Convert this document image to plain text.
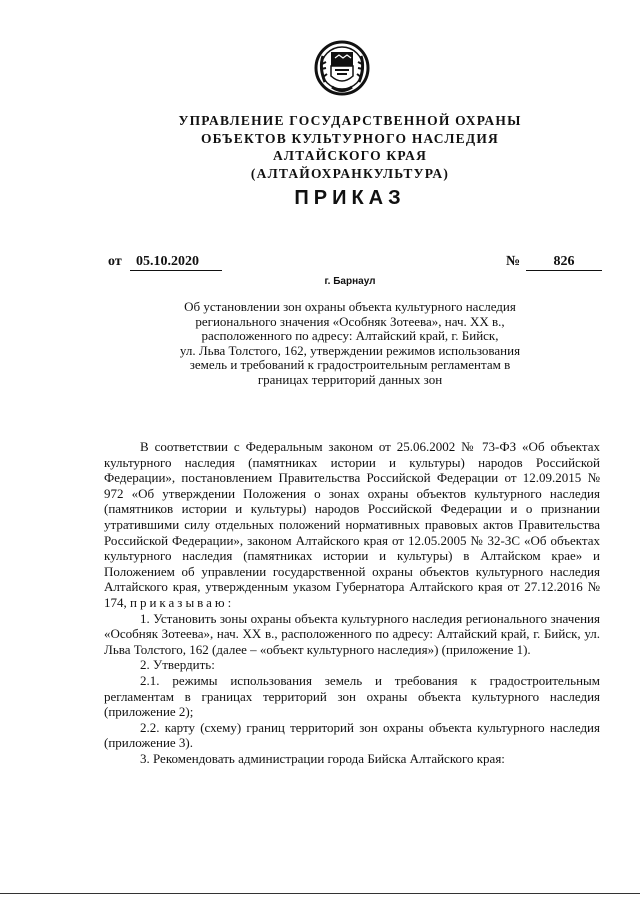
УПРАВЛЕНИЕ ГОСУДАРСТВЕННОЙ ОХРАНЫ
ОБЪЕКТОВ КУЛЬТУРНОГО НАСЛЕДИЯ
АЛТАЙСКОГО КРАЯ
(АЛТАЙОХРАНКУЛЬТУРА)
ПРИКАЗ
от	05.10.2020	№	826
г. Барнаул
Об установлении зон охраны объекта культурного наследия
регионального значения «Особняк Зотеева», нач. XX в.,
расположенного по адресу: Алтайский край, г. Бийск,
ул. Льва Толстого, 162, утверждении режимов использования
земель и требований к градостроительным регламентам в
границах территорий данных зон

В соответствии с Федеральным законом от 25.06.2002 № 73-ФЗ «Об объектах культурного наследия (памятниках истории и культуры) народов Российской Федерации», постановлением Правительства Российской Федерации от 12.09.2015 № 972 «Об утверждении Положения о зонах охраны объектов культурного наследия (памятников истории и культуры) народов Российской Федерации и о признании утратившими силу отдельных положений нормативных правовых актов Правительства Российской Федерации», законом Алтайского края от 12.05.2005 № 32-ЗС «Об объектах культурного наследия (памятниках истории и культуры) в Алтайском крае» и Положением об управлении государственной охраны объектов культурного наследия Алтайского края, утвержденным указом Губернатора Алтайского края от 27.12.2016 № 174, приказываю:

1. Установить зоны охраны объекта культурного наследия регионального значения «Особняк Зотеева», нач. XX в., расположенного по адресу: Алтайский край, г. Бийск, ул. Льва Толстого, 162 (далее – «объект культурного наследия») (приложение 1).

2. Утвердить:

2.1. режимы использования земель и требования к градостроительным регламентам в границах территорий зон охраны объекта культурного наследия (приложение 2);

2.2. карту (схему) границ территорий зон охраны объекта культурного наследия (приложение 3).

3. Рекомендовать администрации города Бийска Алтайского края:
